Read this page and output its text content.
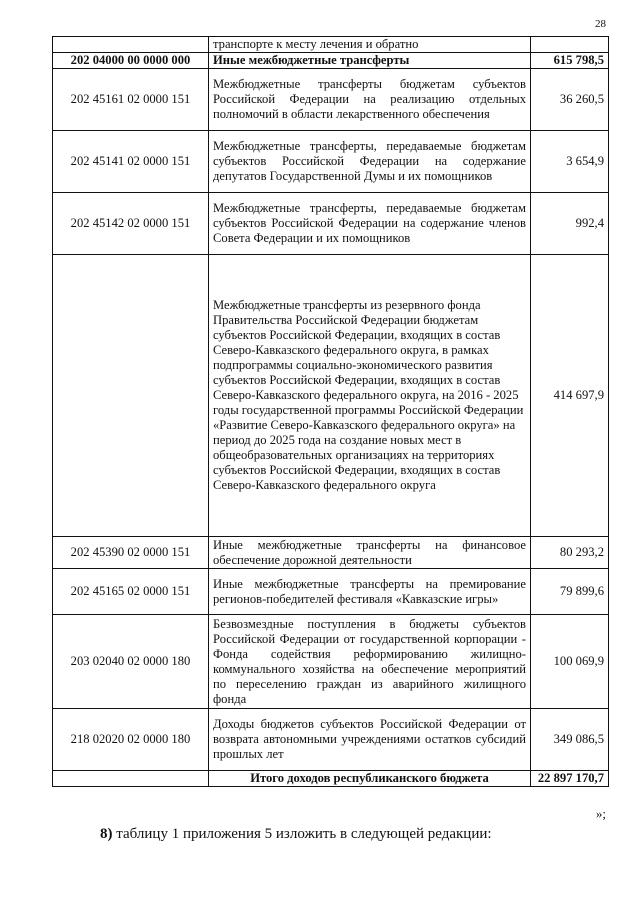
28
	транспорте к месту лечения и обратно	
202 04000 00 0000 000	Иные межбюджетные трансферты	615 798,5
202 45161 02 0000 151	Межбюджетные трансферты бюджетам субъектов Российской Федерации на реализацию отдельных полномочий в области лекарственного обеспечения	36 260,5
202 45141 02 0000 151	Межбюджетные трансферты, передаваемые бюджетам субъектов Российской Федерации на содержание депутатов Государственной Думы и их помощников	3 654,9
202 45142 02 0000 151	Межбюджетные трансферты, передаваемые бюджетам субъектов Российской Федерации на содержание членов Совета Федерации и их помощников	992,4
	Межбюджетные трансферты из резервного фонда Правительства Российской Федерации бюджетам субъектов Российской Федерации, входящих в состав Северо-Кавказского федерального округа, в рамках подпрограммы социально-экономического развития субъектов Российской Федерации, входящих в состав Северо-Кавказского федерального округа, на 2016 - 2025 годы государственной программы Российской Федерации «Развитие Северо-Кавказского федерального округа» на период до 2025 года на создание новых мест в общеобразовательных организациях на территориях субъектов Российской Федерации, входящих в состав Северо-Кавказского федерального округа	414 697,9
202 45390 02 0000 151	Иные межбюджетные трансферты на финансовое обеспечение дорожной деятельности	80 293,2
202 45165 02 0000 151	Иные межбюджетные трансферты на премирование регионов-победителей фестиваля «Кавказские игры»	79 899,6
203 02040 02 0000 180	Безвозмездные поступления в бюджеты субъектов Российской Федерации от государственной корпорации - Фонда содействия реформированию жилищно-коммунального хозяйства на обеспечение мероприятий по переселению граждан из аварийного жилищного фонда	100 069,9
218 02020 02 0000 180	Доходы бюджетов субъектов Российской Федерации от возврата автономными учреждениями остатков субсидий прошлых лет	349 086,5
	Итого доходов республиканского бюджета	22 897 170,7
»;
8) таблицу 1 приложения 5 изложить в следующей редакции:
